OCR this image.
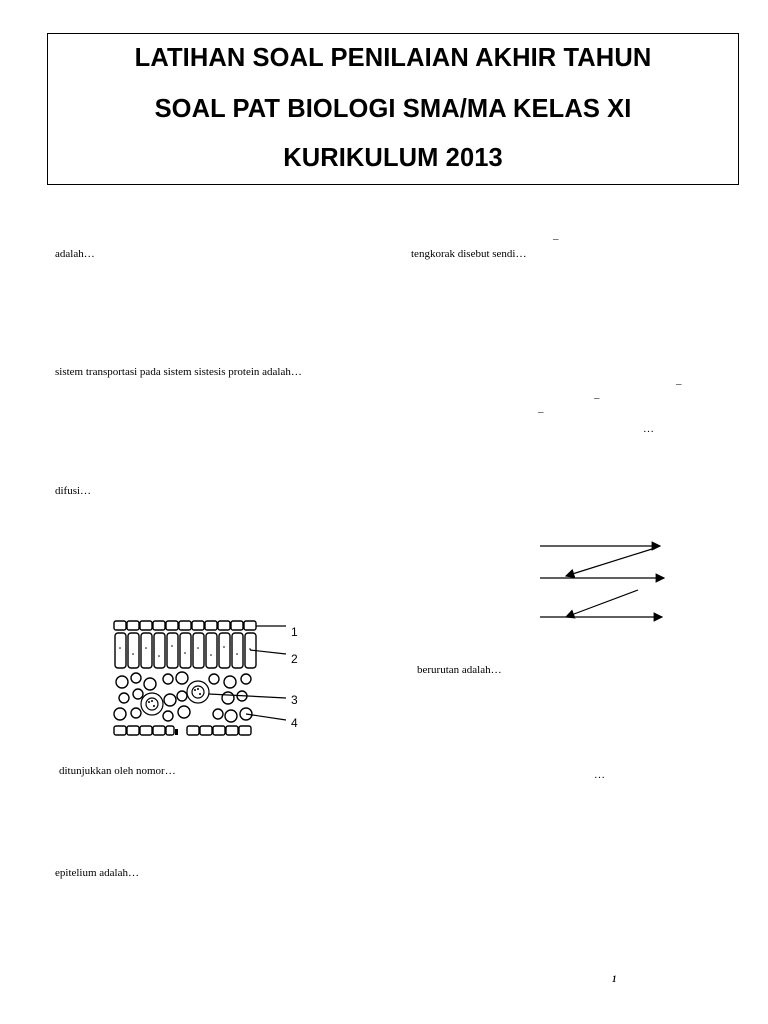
LATIHAN SOAL PENILAIAN AKHIR TAHUN
SOAL PAT BIOLOGI SMA/MA KELAS XI
KURIKULUM 2013
adalah…
sistem transportasi pada sistem sistesis protein adalah…
difusi…
ditunjukkan oleh nomor…
epitelium adalah…
–
tengkorak disebut sendi…
–
–
–
…
berurutan adalah…
…
1
2
3
4
1
